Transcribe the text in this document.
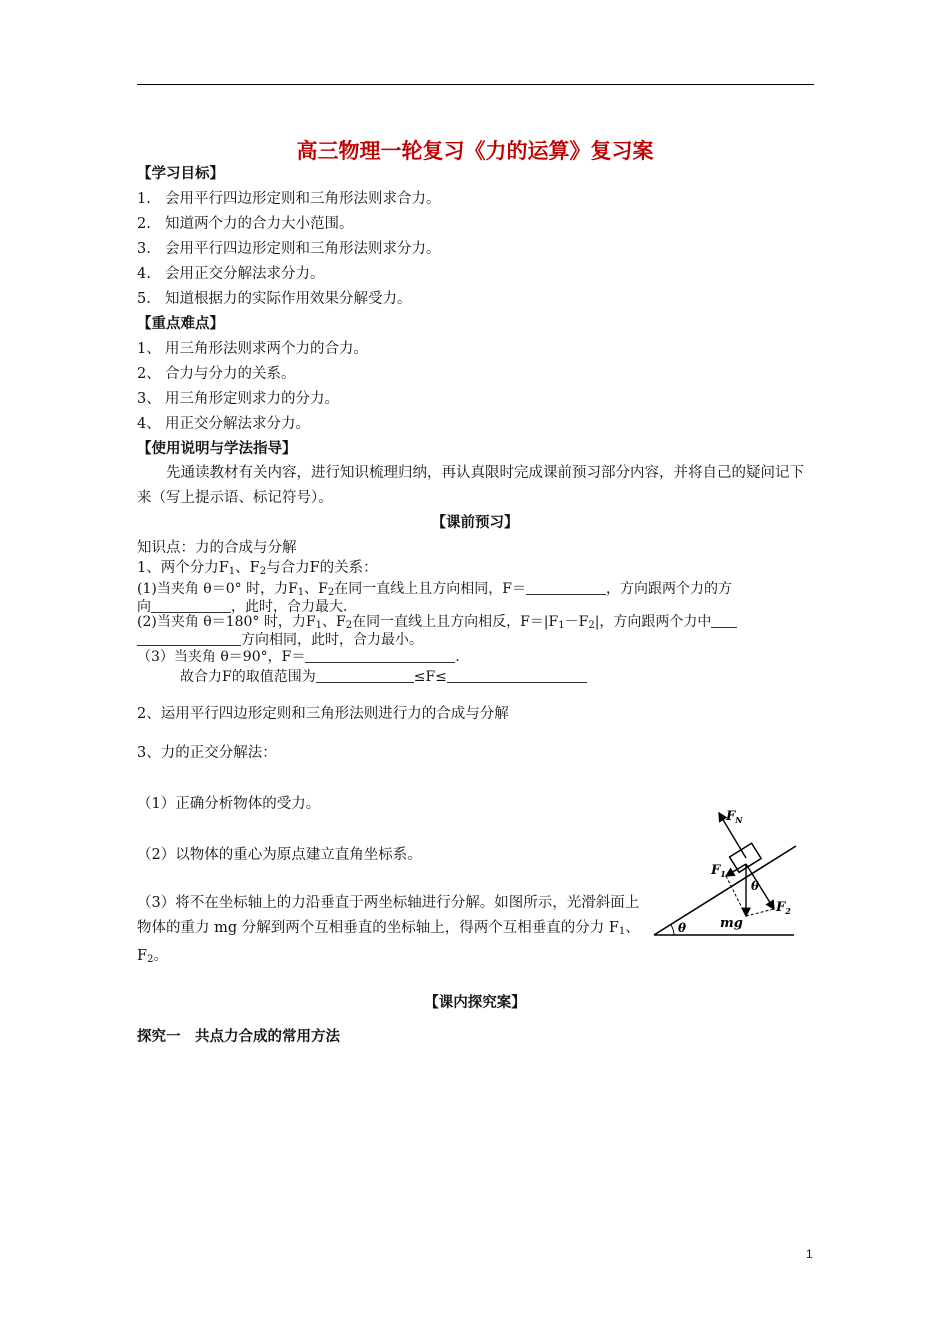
高三物理一轮复习《力的运算》复习案
【学习目标】
1. 会用平行四边形定则和三角形法则求合力。
2. 知道两个力的合力大小范围。
3. 会用平行四边形定则和三角形法则求分力。
4. 会用正交分解法求分力。
5. 知道根据力的实际作用效果分解受力。
【重点难点】
1、 用三角形法则求两个力的合力。
2、 合力与分力的关系。
3、 用三角形定则求力的分力。
4、 用正交分解法求分力。
【使用说明与学法指导】
先通读教材有关内容，进行知识梳理归纳，再认真限时完成课前预习部分内容，并将自己的疑问记下来（写上提示语、标记符号）。
【课前预习】
知识点：力的合成与分解
1、两个分力$F_1$、$F_2$与合力F的关系：
(1)当夹角 θ＝0° 时，力$F_1$、$F_2$在同一直线上且方向相同，F＝	，方向跟两个力的方
向	，此时，合力最大.
(2)当夹角 θ＝180° 时，力$F_1$、$F_2$在同一直线上且方向相反，$F=|F_1-F_2|$，方向跟两个力中
方向相同，此时，合力最小。
（3）当夹角 θ＝90°，F＝	.
故合力F的取值范围为	≤F≤
2、运用平行四边形定则和三角形法则进行力的合成与分解
3、力的正交分解法：
（1）正确分析物体的受力。
（2）以物体的重心为原点建立直角坐标系。
（3）将不在坐标轴上的力沿垂直于两坐标轴进行分解。如图所示，光滑斜面上物体的重力 mg 分解到两个互相垂直的坐标轴上，得两个互相垂直的分力 $F_1$、$F_2$。
$F_N$
$F_1$
θ
$F_2$
mg
θ
【课内探究案】
探究一　共点力合成的常用方法
1
